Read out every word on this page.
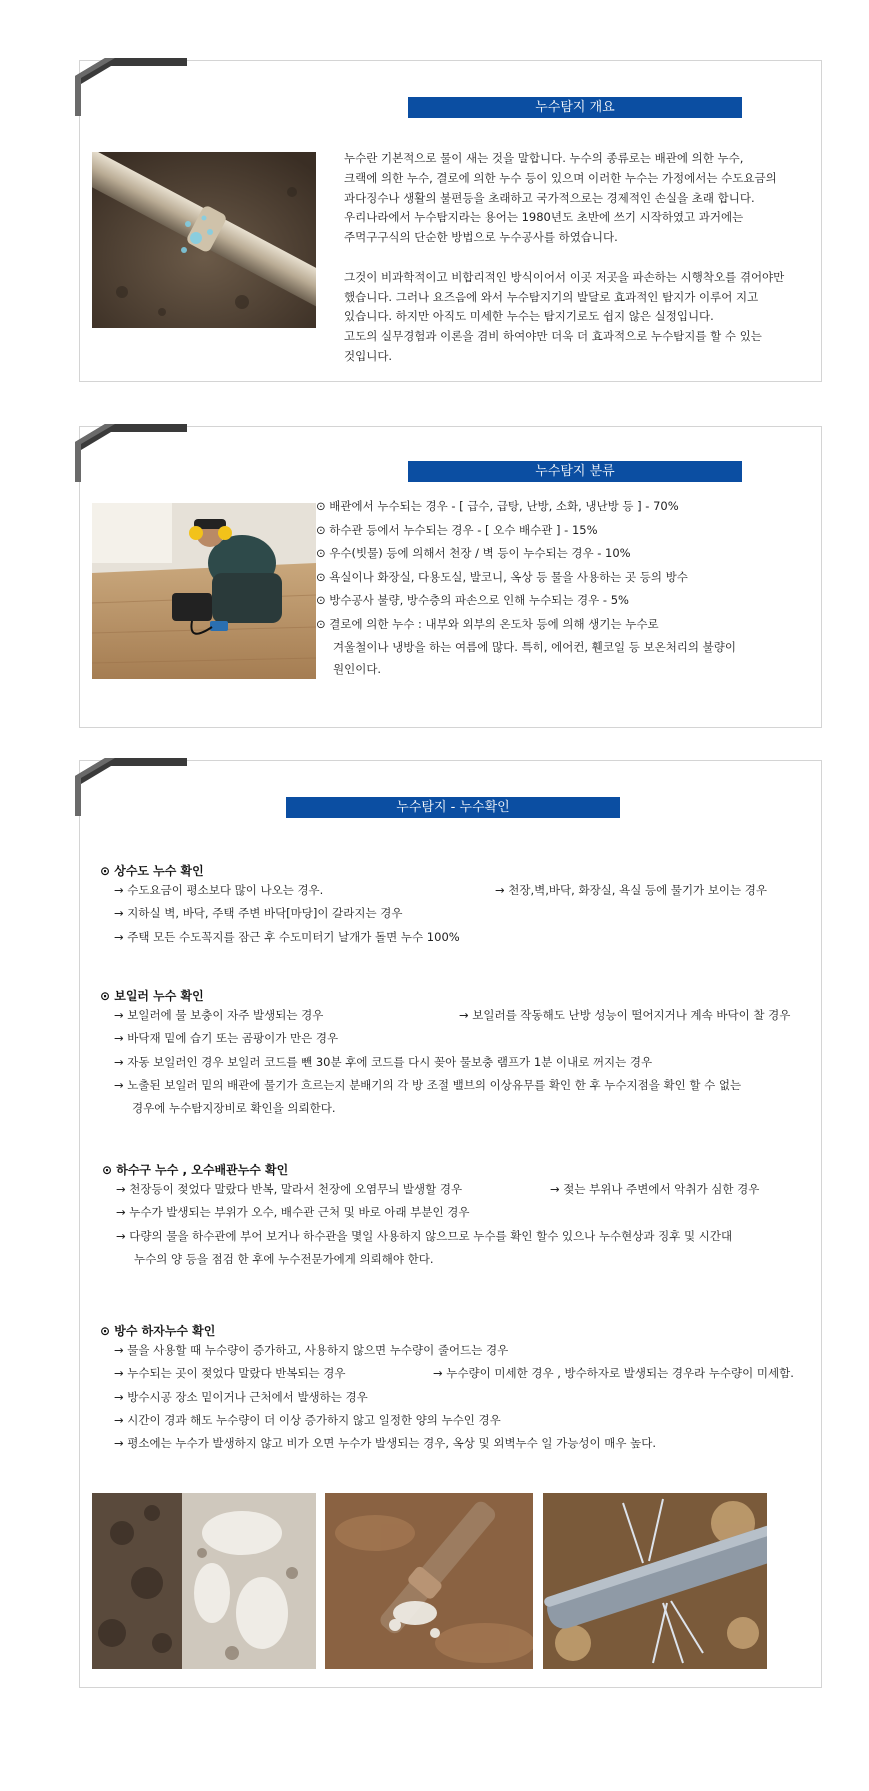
누수탐지 개요

누수란 기본적으로 물이 새는 것을 말합니다. 누수의 종류로는 배관에 의한 누수,

크랙에 의한 누수, 결로에 의한 누수 등이 있으며 이러한 누수는 가정에서는 수도요금의

과다징수나 생활의 불편등을 초래하고 국가적으로는 경제적인 손실을 초래 합니다.

우리나라에서 누수탐지라는 용어는 1980년도 초반에 쓰기 시작하였고 과거에는

주먹구구식의 단순한 방법으로 누수공사를 하였습니다.

그것이 비과학적이고 비합리적인 방식이어서 이곳 저곳을 파손하는 시행착오를 겪어야만

했습니다. 그러나 요즈음에 와서 누수탐지기의 발달로 효과적인 탐지가 이루어 지고

있습니다. 하지만 아직도 미세한 누수는 탐지기로도 쉽지 않은 실정입니다.

고도의 실무경험과 이론을 겸비 하여야만 더욱 더 효과적으로 누수탐지를 할 수 있는

것입니다.

누수탐지 분류
⊙ 배관에서 누수되는 경우 - [ 급수, 급탕, 난방, 소화, 냉난방 등 ] - 70%
⊙ 하수관 등에서 누수되는 경우 - [ 오수 배수관 ] - 15%
⊙ 우수(빗물) 등에 의해서 천장 / 벽 등이 누수되는 경우 - 10%
⊙ 욕실이나 화장실, 다용도실, 발코니, 옥상 등 물을 사용하는 곳 등의 방수
⊙ 방수공사 불량, 방수층의 파손으로 인해 누수되는 경우 - 5%
⊙ 결로에 의한 누수 : 내부와 외부의 온도차 등에 의해 생기는 누수로
겨울철이나 냉방을 하는 여름에 많다. 특히, 에어컨, 휀코일 등 보온처리의 불량이
원인이다.
누수탐지 - 누수확인
⊙ 상수도 누수 확인
→ 수도요금이 평소보다 많이 나오는 경우.	→ 천장,벽,바닥, 화장실, 욕실 등에 물기가 보이는 경우
→ 지하실 벽, 바닥, 주택 주변 바닥[마당]이 갈라지는 경우
→ 주택 모든 수도꼭지를 잠근 후 수도미터기 날개가 돌면 누수 100%
⊙ 보일러 누수 확인
→ 보일러에 물 보충이 자주 발생되는 경우	→ 보일러를 작동해도 난방 성능이 떨어지거나 계속 바닥이 찰 경우
→ 바닥재 밑에 습기 또는 곰팡이가 만은 경우
→ 자동 보일러인 경우 보일러 코드를 뺀 30분 후에 코드를 다시 꽂아 물보충 램프가 1분 이내로 꺼지는 경우
→ 노출된 보일러 밑의 배관에 물기가 흐르는지 분배기의 각 방 조절 밸브의 이상유무를 확인 한 후 누수지점을 확인 할 수 없는
경우에 누수탐지장비로 확인을 의뢰한다.
⊙ 하수구 누수 , 오수배관누수 확인
→ 천장등이 젖었다 말랐다 반복, 말라서 천장에 오염무늬 발생할 경우	→ 젖는 부위나 주변에서 악취가 심한 경우
→ 누수가 발생되는 부위가 오수, 배수관 근처 및 바로 아래 부분인 경우
→ 다량의 물을 하수관에 부어 보거나 하수관을 몇일 사용하지 않으므로 누수를 확인 할수 있으나 누수현상과 징후 및 시간대
누수의 양 등을 점검 한 후에 누수전문가에게 의뢰해야 한다.
⊙ 방수 하자누수 확인
→ 물을 사용할 때 누수량이 증가하고, 사용하지 않으면 누수량이 줄어드는 경우
→ 누수되는 곳이 젖었다 말랐다 반복되는 경우	→ 누수량이 미세한 경우 , 방수하자로 발생되는 경우라 누수량이 미세함.
→ 방수시공 장소 밑이거나 근처에서 발생하는 경우
→ 시간이 경과 해도 누수량이 더 이상 증가하지 않고 일정한 양의 누수인 경우
→ 평소에는 누수가 발생하지 않고 비가 오면 누수가 발생되는 경우, 옥상 및 외벽누수 일 가능성이 매우 높다.
